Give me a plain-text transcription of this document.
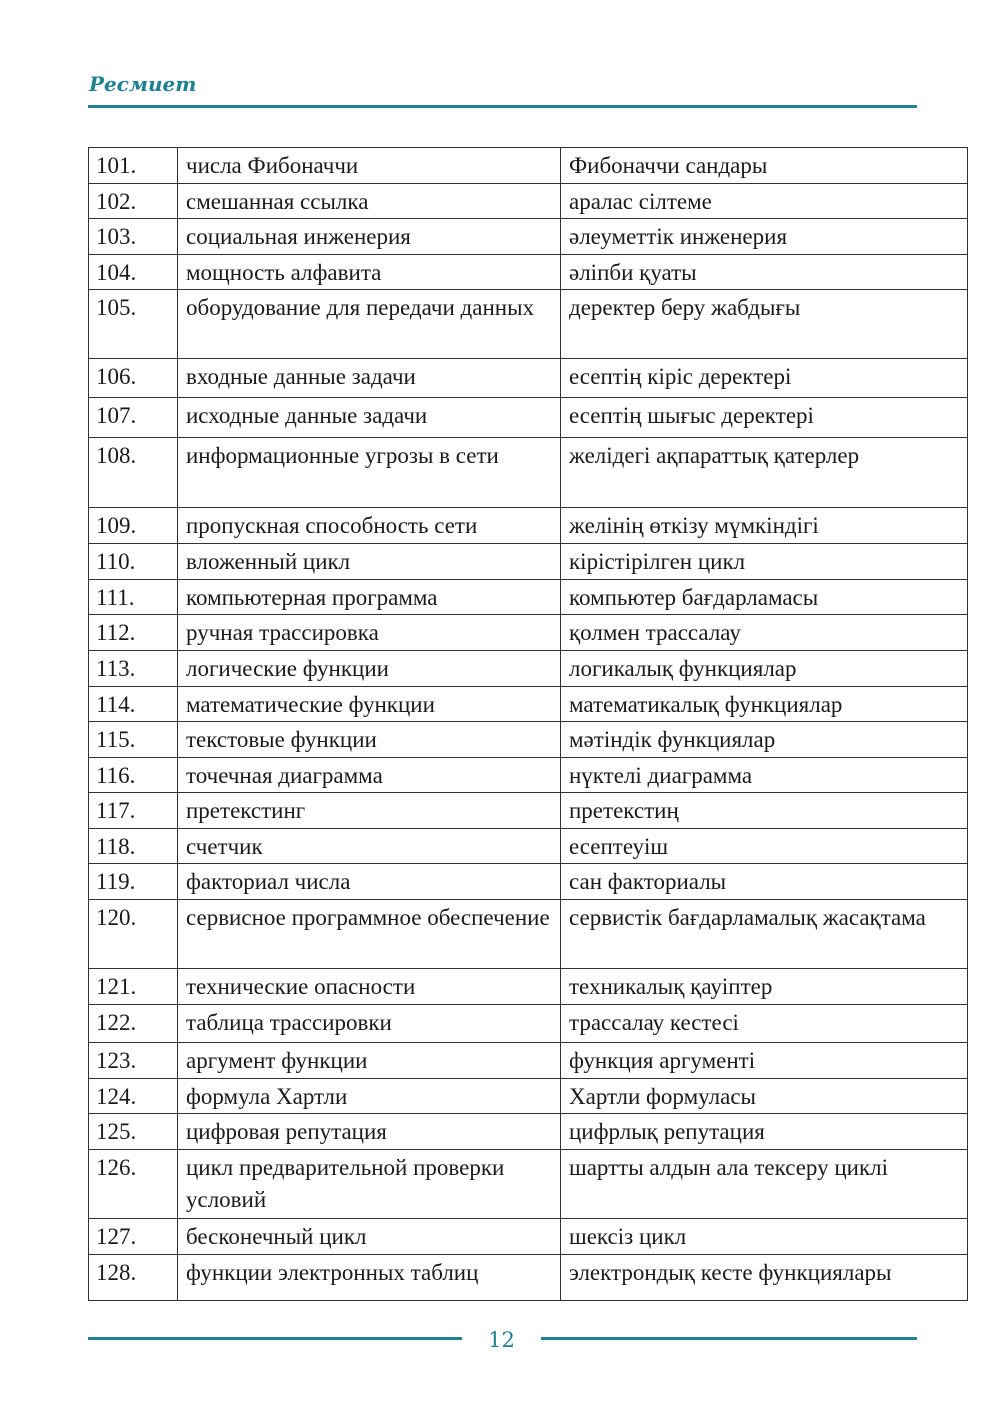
Ресмиет
101.	числа Фибоначчи	Фибоначчи сандары
102.	смешанная ссылка	аралас сілтеме
103.	социальная инженерия	әлеуметтік инженерия
104.	мощность алфавита	әліпби қуаты
105.	оборудование для передачи данных	деректер беру жабдығы
106.	входные данные задачи	есептің кіріс деректері
107.	исходные данные задачи	есептің шығыс деректері
108.	информационные угрозы в сети	желідегі ақпараттық қатерлер
109.	пропускная способность сети	желінің өткізу мүмкіндігі
110.	вложенный цикл	кірістірілген цикл
111.	компьютерная программа	компьютер бағдарламасы
112.	ручная трассировка	қолмен трассалау
113.	логические функции	логикалық функциялар
114.	математические функции	математикалық функциялар
115.	текстовые функции	мәтіндік функциялар
116.	точечная диаграмма	нүктелі диаграмма
117.	претекстинг	претекстиң
118.	счетчик	есептеуіш
119.	факториал числа	сан факториалы
120.	сервисное программное обеспечение	сервистік бағдарламалық жасақтама
121.	технические опасности	техникалық қауіптер
122.	таблица трассировки	трассалау кестесі
123.	аргумент функции	функция аргументі
124.	формула Хартли	Хартли формуласы
125.	цифровая репутация	цифрлық репутация
126.	цикл предварительной проверки условий	шартты алдын ала тексеру циклі
127.	бесконечный цикл	шексіз цикл
128.	функции электронных таблиц	электрондық кесте функциялары
12
